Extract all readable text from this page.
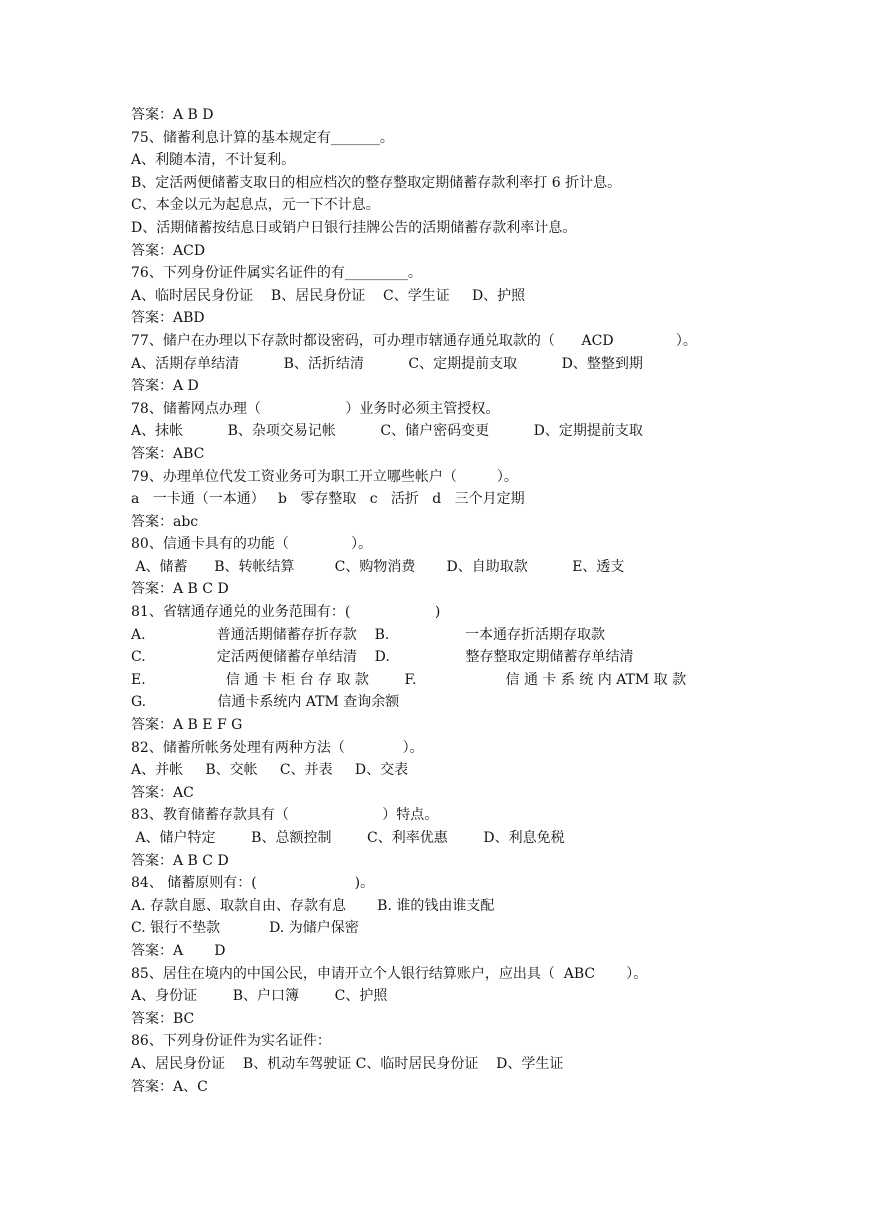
答案：A B D
75、储蓄利息计算的基本规定有_______。
A、利随本清，不计复利。
B、定活两便储蓄支取日的相应档次的整存整取定期储蓄存款利率打 6 折计息。
C、本金以元为起息点，元一下不计息。
D、活期储蓄按结息日或销户日银行挂牌公告的活期储蓄存款利率计息。
答案：ACD
76、下列身份证件属实名证件的有_________。
A、临时居民身份证    B、居民身份证    C、学生证     D、护照
答案：ABD
77、储户在办理以下存款时都设密码，可办理市辖通存通兑取款的（      ACD              ）。
A、活期存单结清          B、活折结清          C、定期提前支取          D、整整到期
答案：A D
78、储蓄网点办理（                   ）业务时必须主管授权。
A、抹帐          B、杂项交易记帐          C、储户密码变更          D、定期提前支取
答案：ABC
79、办理单位代发工资业务可为职工开立哪些帐户（         ）。
a   一卡通（一本通）   b   零存整取   c   活折   d   三个月定期
答案：abc
80、信通卡具有的功能（              ）。
A、储蓄      B、转帐结算         C、购物消费       D、自助取款          E、透支
答案：A B C D
81、省辖通存通兑的业务范围有：(                   )
A.                普通活期储蓄存折存款    B.                 一本通存折活期存取款
C.                定活两便储蓄存单结清    D.                 整存整取定期储蓄存单结清
E.                  信 通 卡 柜 台 存 取 款        F.                    信 通 卡 系 统 内 ATM 取 款
G.                信通卡系统内 ATM 查询余额
答案：A B E F G
82、储蓄所帐务处理有两种方法（             ）。
A、并帐     B、交帐     C、并表     D、交表
答案：AC
83、教育储蓄存款具有（                     ）特点。
A、储户特定        B、总额控制        C、利率优惠        D、利息免税
答案：A B C D
84、 储蓄原则有：(                      )。
A. 存款自愿、取款自由、存款有息       B. 谁的钱由谁支配
C. 银行不垫款           D. 为储户保密
答案：A       D
85、居住在境内的中国公民，申请开立个人银行结算账户，应出具（  ABC       ）。
A、身份证        B、户口簿        C、护照
答案：BC
86、下列身份证件为实名证件：
A、居民身份证    B、机动车驾驶证 C、临时居民身份证    D、学生证
答案：A、C
